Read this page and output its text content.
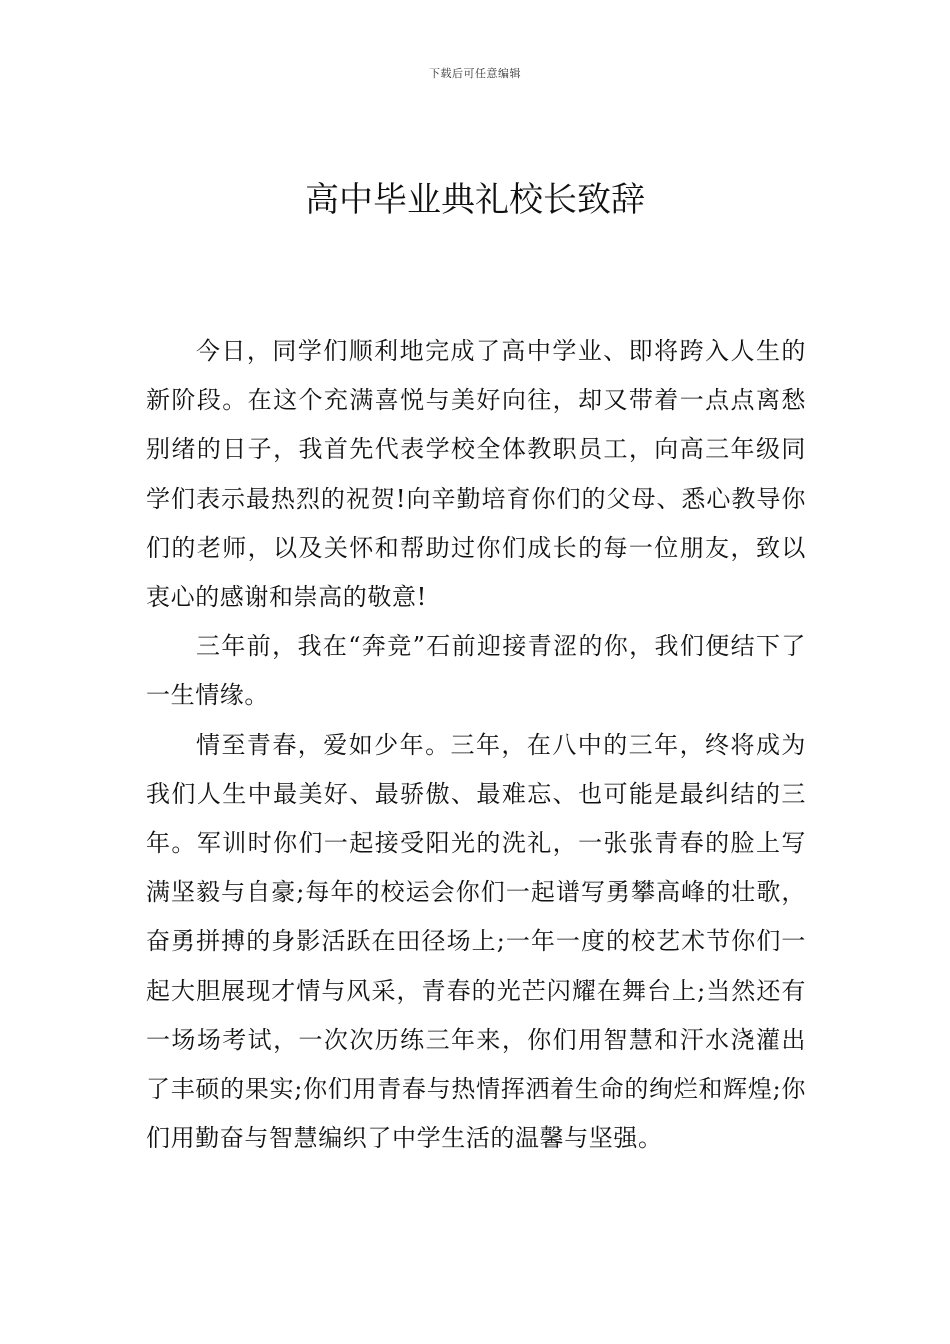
下载后可任意编辑
高中毕业典礼校长致辞

今日，同学们顺利地完成了高中学业、即将跨入人生的新阶段。在这个充满喜悦与美好向往，却又带着一点点离愁别绪的日子，我首先代表学校全体教职员工，向高三年级同学们表示最热烈的祝贺!向辛勤培育你们的父母、悉心教导你们的老师，以及关怀和帮助过你们成长的每一位朋友，致以衷心的感谢和崇高的敬意!

三年前，我在“奔竞”石前迎接青涩的你，我们便结下了一生情缘。

情至青春，爱如少年。三年，在八中的三年，终将成为我们人生中最美好、最骄傲、最难忘、也可能是最纠结的三年。军训时你们一起接受阳光的洗礼，一张张青春的脸上写满坚毅与自豪;每年的校运会你们一起谱写勇攀高峰的壮歌，奋勇拼搏的身影活跃在田径场上;一年一度的校艺术节你们一起大胆展现才情与风采，青春的光芒闪耀在舞台上;当然还有一场场考试，一次次历练三年来，你们用智慧和汗水浇灌出了丰硕的果实;你们用青春与热情挥洒着生命的绚烂和辉煌;你们用勤奋与智慧编织了中学生活的温馨与坚强。
